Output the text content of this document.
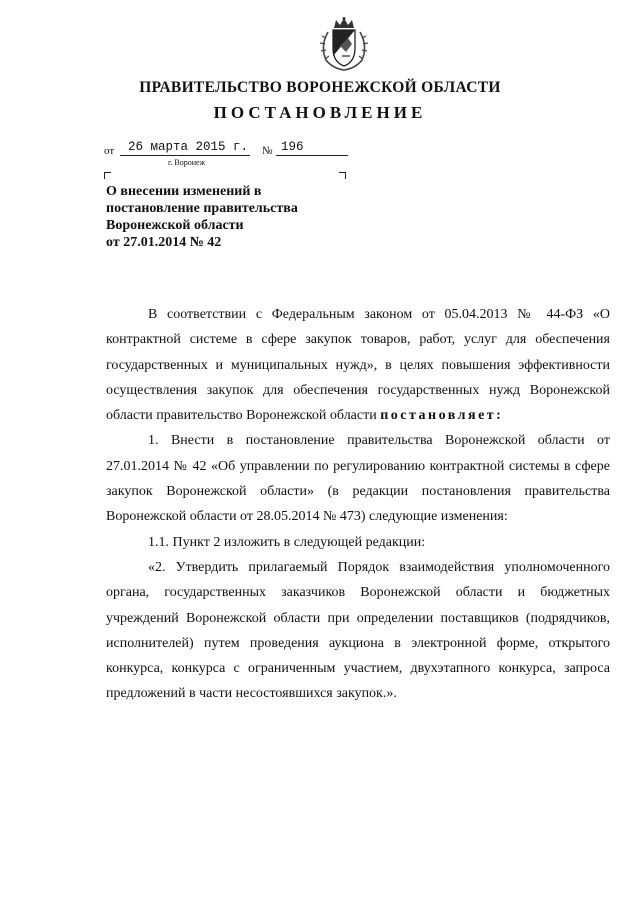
ПРАВИТЕЛЬСТВО ВОРОНЕЖСКОЙ ОБЛАСТИ
ПОСТАНОВЛЕНИЕ
от 26 марта 2015 г. № 196
г. Воронеж
О внесении изменений в
постановление правительства
Воронежской области
от 27.01.2014 № 42

В соответствии с Федеральным законом от 05.04.2013 № 44-ФЗ «О контрактной системе в сфере закупок товаров, работ, услуг для обеспечения государственных и муниципальных нужд», в целях повышения эффективности осуществления закупок для обеспечения государственных нужд Воронежской области правительство Воронежской области постановляет:

1. Внести в постановление правительства Воронежской области от 27.01.2014 № 42 «Об управлении по регулированию контрактной системы в сфере закупок Воронежской области» (в редакции постановления правительства Воронежской области от 28.05.2014 № 473) следующие изменения:

1.1. Пункт 2 изложить в следующей редакции:

«2. Утвердить прилагаемый Порядок взаимодействия уполномоченного органа, государственных заказчиков Воронежской области и бюджетных учреждений Воронежской области при определении поставщиков (подрядчиков, исполнителей) путем проведения аукциона в электронной форме, открытого конкурса, конкурса с ограниченным участием, двухэтапного конкурса, запроса предложений в части несостоявшихся закупок.».
